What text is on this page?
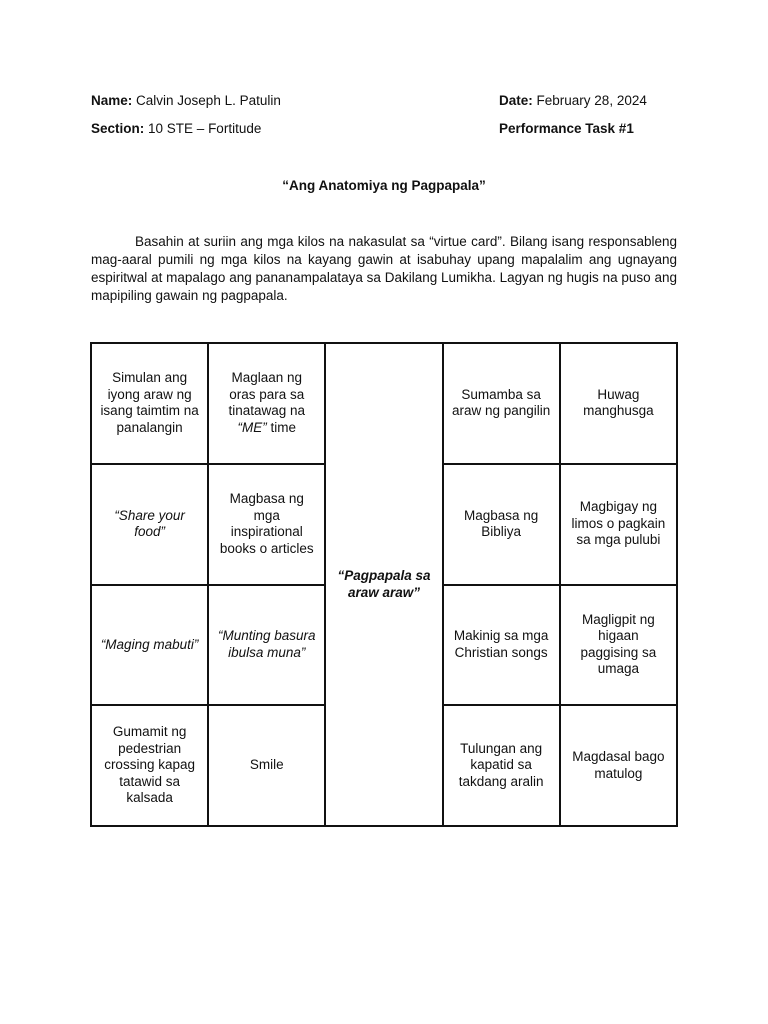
Name: Calvin Joseph L. Patulin
Section: 10 STE – Fortitude
Date: February 28, 2024
Performance Task #1
“Ang Anatomiya ng Pagpapala”

Basahin at suriin ang mga kilos na nakasulat sa “virtue card”. Bilang isang responsableng mag-aaral pumili ng mga kilos na kayang gawin at isabuhay upang mapalalim ang ugnayang espiritwal at mapalago ang pananampalataya sa Dakilang Lumikha. Lagyan ng hugis na puso ang mapipiling gawain ng pagpapala.

Simulan ang iyong araw ng isang taimtim na panalangin	Maglaan ng oras para sa tinatawag na “ME” time	“Pagpapala sa araw araw”	Sumamba sa araw ng pangilin	Huwag manghusga
“Share your food”	Magbasa ng mga inspirational books o articles		Magbasa ng Bibliya	Magbigay ng limos o pagkain sa mga pulubi
“Maging mabuti”	“Munting basura ibulsa muna”		Makinig sa mga Christian songs	Magligpit ng higaan paggising sa umaga
Gumamit ng pedestrian crossing kapag tatawid sa kalsada	Smile		Tulungan ang kapatid sa takdang aralin	Magdasal bago matulog
